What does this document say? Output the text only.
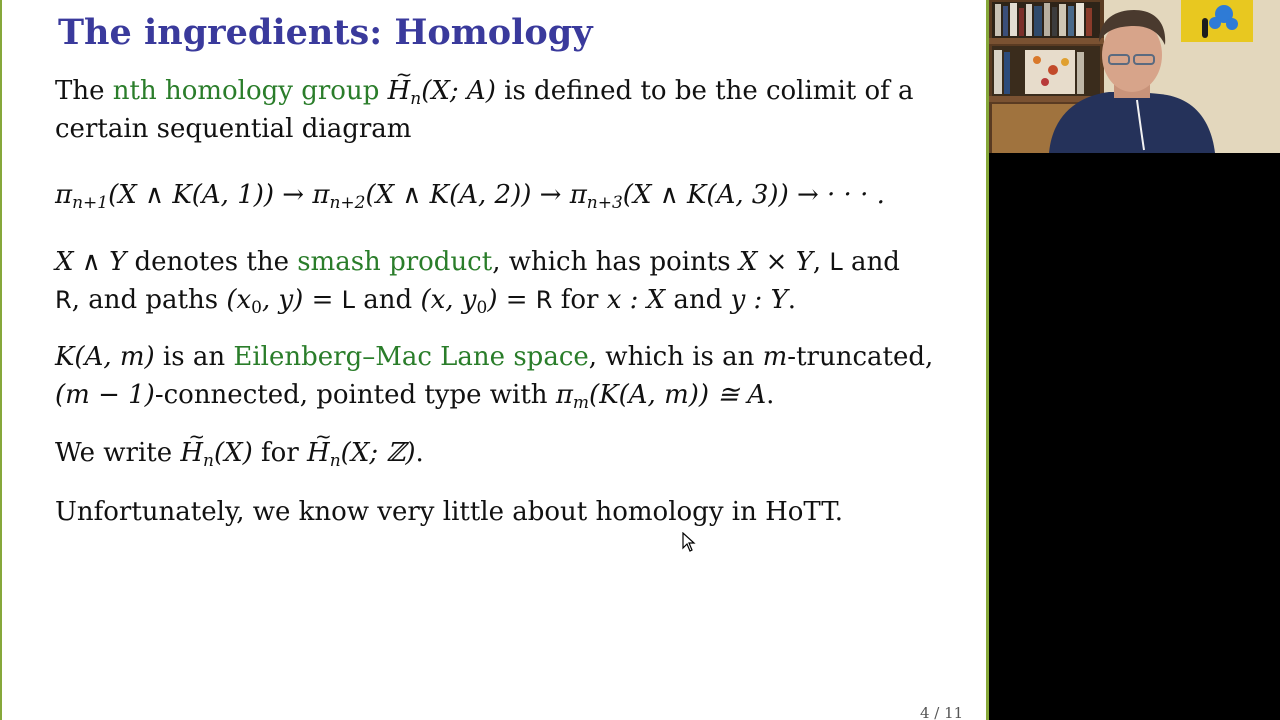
The ingredients: Homology
The nth homology group ~ $H_n(X$; A) is defined to be the colimit of a
certain sequential diagram
$\pi_{n+1}(X$ ∧ K(A, $1)) \to \pi_{n+2}(X$ ∧ K(A, $2)) \to \pi_{n+3}(X$ ∧ K(A, 3)) → · · · .
X ∧ Y denotes the smash product, which has points X × Y, L and
R, and paths ($x_0$, y) = L and (x, $y_0) = R$ for x : X and y : Y.
K(A, m) is an Eilenberg–Mac Lane space, which is an m-truncated,
(m − 1)-connected, pointed type with $\pi_m(K(A$, m)) ≅ A.
We write ~ $H_n(X)$ for ~ $H_n(X$; ℤ).
Unfortunately, we know very little about homology in HoTT.
4 / 11
